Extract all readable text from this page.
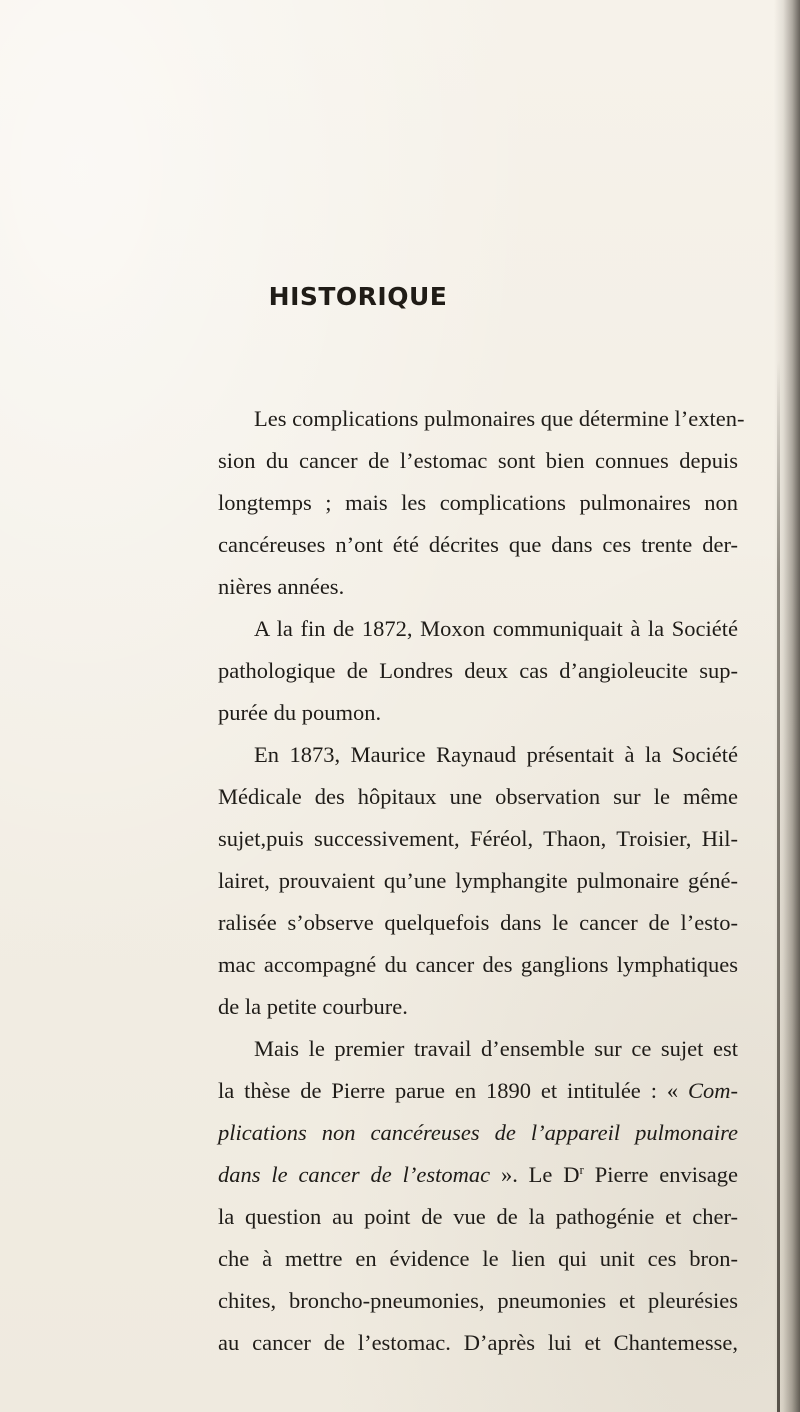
HISTORIQUE
Les complications pulmonaires que détermine l’exten-
sion du cancer de l’estomac sont bien connues depuis
longtemps ; mais les complications pulmonaires non
cancéreuses n’ont été décrites que dans ces trente der-
nières années.
A la fin de 1872, Moxon communiquait à la Société
pathologique de Londres deux cas d’angioleucite sup-
purée du poumon.
En 1873, Maurice Raynaud présentait à la Société
Médicale des hôpitaux une observation sur le même
sujet,puis successivement, Féréol, Thaon, Troisier, Hil-
lairet, prouvaient qu’une lymphangite pulmonaire géné-
ralisée s’observe quelquefois dans le cancer de l’esto-
mac accompagné du cancer des ganglions lymphatiques
de la petite courbure.
Mais le premier travail d’ensemble sur ce sujet est
la thèse de Pierre parue en 1890 et intitulée : « Com-
plications non cancéreuses de l’appareil pulmonaire
dans le cancer de l’estomac ». Le $D^r$ Pierre envisage
la question au point de vue de la pathogénie et cher-
che à mettre en évidence le lien qui unit ces bron-
chites, broncho-pneumonies, pneumonies et pleurésies
au cancer de l’estomac. D’après lui et Chantemesse,
